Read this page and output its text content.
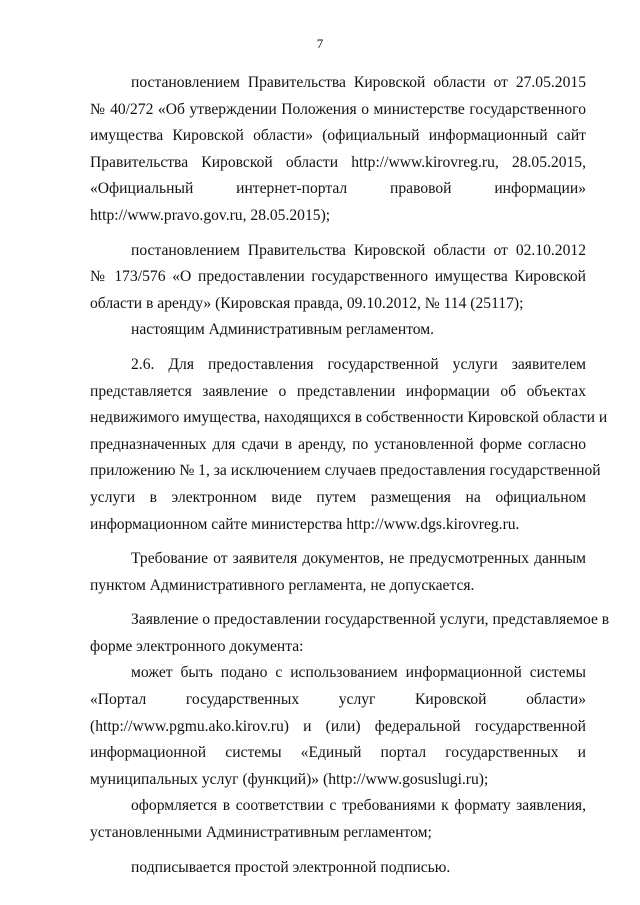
7
постановлением Правительства Кировской области от 27.05.2015
№ 40/272 «Об утверждении Положения о министерстве государственного
имущества Кировской области» (официальный информационный сайт
Правительства Кировской области http://www.kirovreg.ru, 28.05.2015,
«Официальный интернет-портал правовой информации»
http://www.pravo.gov.ru, 28.05.2015);
постановлением Правительства Кировской области от 02.10.2012
№ 173/576 «О предоставлении государственного имущества Кировской
области в аренду» (Кировская правда, 09.10.2012, № 114 (25117);
настоящим Административным регламентом.
2.6. Для предоставления государственной услуги заявителем
представляется заявление о представлении информации об объектах
недвижимого имущества, находящихся в собственности Кировской области и
предназначенных для сдачи в аренду, по установленной форме согласно
приложению № 1, за исключением случаев предоставления государственной
услуги в электронном виде путем размещения на официальном
информационном сайте министерства http://www.dgs.kirovreg.ru.
Требование от заявителя документов, не предусмотренных данным
пунктом Административного регламента, не допускается.
Заявление о предоставлении государственной услуги, представляемое в
форме электронного документа:
может быть подано с использованием информационной системы
«Портал государственных услуг Кировской области»
(http://www.pgmu.ako.kirov.ru) и (или) федеральной государственной
информационной системы «Единый портал государственных и
муниципальных услуг (функций)» (http://www.gosuslugi.ru);
оформляется в соответствии с требованиями к формату заявления,
установленными Административным регламентом;
подписывается простой электронной подписью.
